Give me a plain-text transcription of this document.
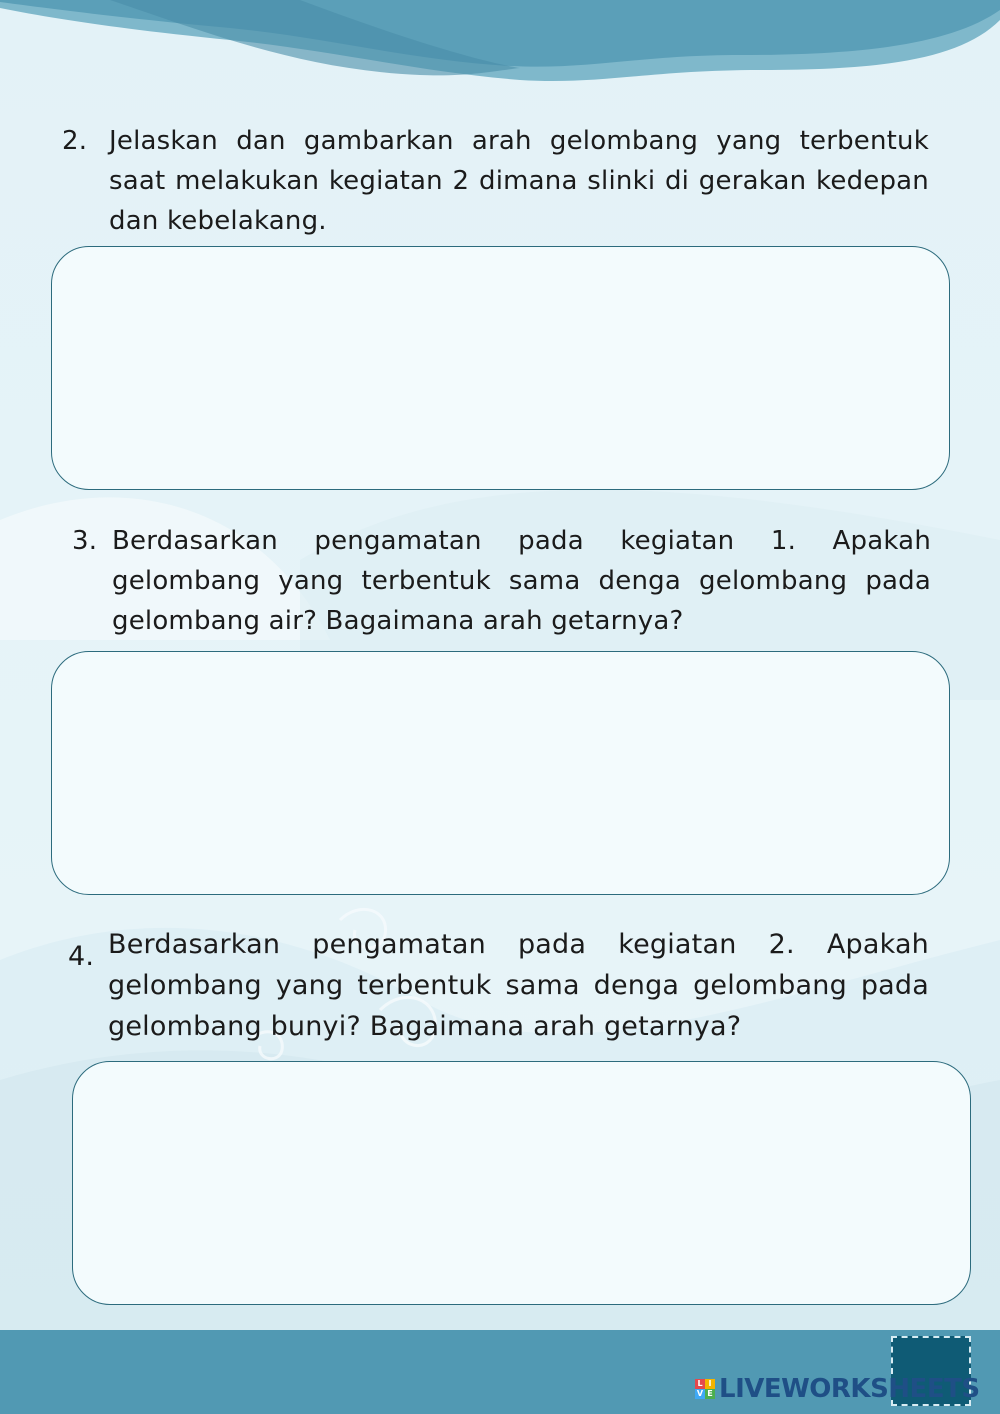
2. Jelaskan dan gambarkan arah gelombang yang terbentuk saat melakukan kegiatan 2 dimana slinki di gerakan kedepan dan kebelakang.
3. Berdasarkan pengamatan pada kegiatan 1. Apakah gelombang yang terbentuk sama denga gelombang pada gelombang air? Bagaimana arah getarnya?
4. Berdasarkan pengamatan pada kegiatan 2. Apakah gelombang yang terbentuk sama denga gelombang pada gelombang bunyi? Bagaimana arah getarnya?
L I
V E LIVEWORKSHEETS
